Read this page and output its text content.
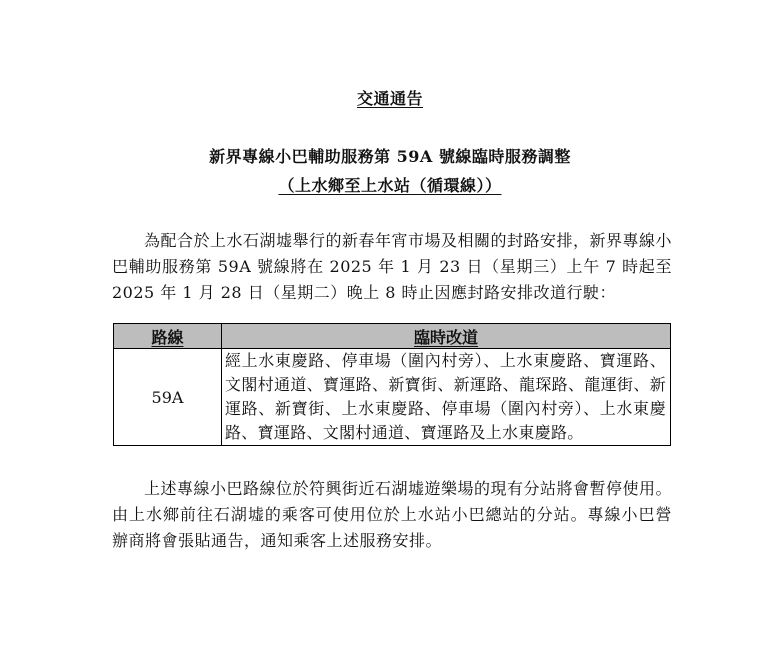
交通通告
新界專線小巴輔助服務第 59A 號線臨時服務調整
（上水鄉至上水站（循環線））
為配合於上水石湖墟舉行的新春年宵市場及相關的封路安排，新界專線小巴輔助服務第 59A 號線將在 2025 年 1 月 23 日（星期三）上午 7 時起至 2025 年 1 月 28 日（星期二）晚上 8 時止因應封路安排改道行駛：
路線	臨時改道
59A	經上水東慶路、停車場（圍內村旁）、上水東慶路、寶運路、文閣村通道、寶運路、新寶街、新運路、龍琛路、龍運街、新運路、新寶街、上水東慶路、停車場（圍內村旁）、上水東慶路、寶運路、文閣村通道、寶運路及上水東慶路。
上述專線小巴路線位於符興街近石湖墟遊樂場的現有分站將會暫停使用。由上水鄉前往石湖墟的乘客可使用位於上水站小巴總站的分站。專線小巴營辦商將會張貼通告，通知乘客上述服務安排。
